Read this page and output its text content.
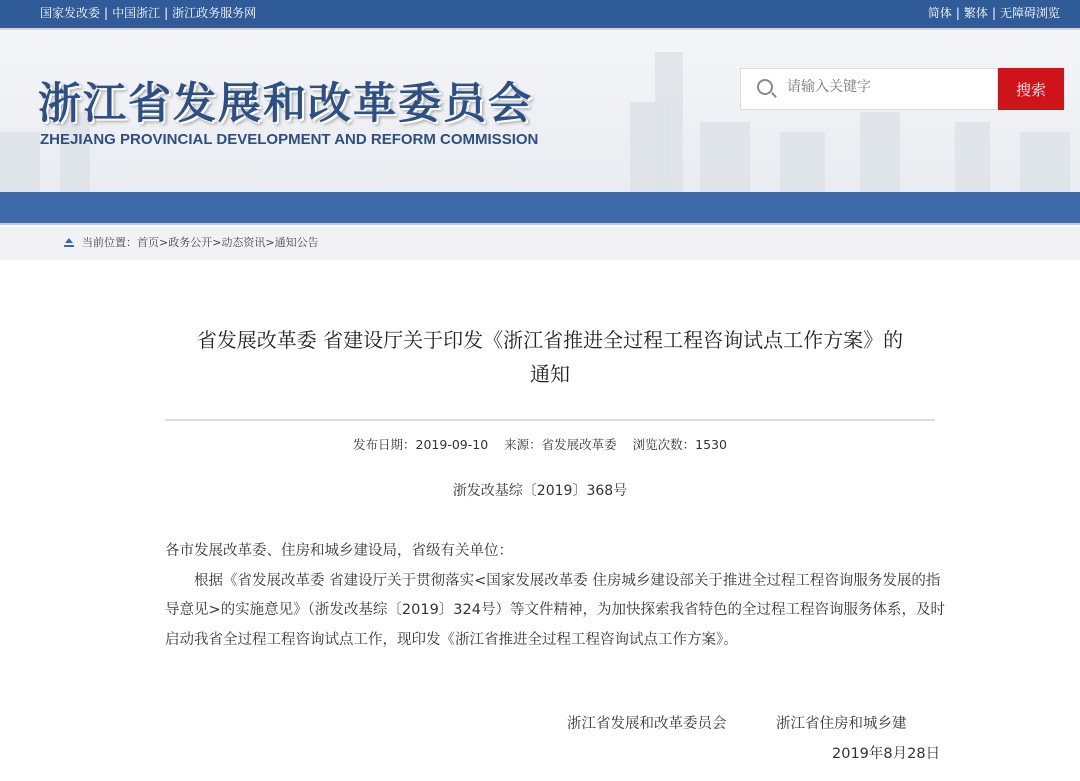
国家发改委 | 中国浙江 | 浙江政务服务网	简体 | 繁体 | 无障碍浏览
浙江省发展和改革委员会
ZHEJIANG PROVINCIAL DEVELOPMENT AND REFORM COMMISSION
请输入关键字
搜索
当前位置：首页>政务公开>动态资讯>通知公告
省发展改革委 省建设厅关于印发《浙江省推进全过程工程咨询试点工作方案》的
通知
发布日期：2019-09-10 来源：省发展改革委 浏览次数：1530
浙发改基综〔2019〕368号

各市发展改革委、住房和城乡建设局，省级有关单位：

根据《省发展改革委 省建设厅关于贯彻落实<国家发展改革委 住房城乡建设部关于推进全过程工程咨询服务发展的指导意见>的实施意见》（浙发改基综〔2019〕324号）等文件精神，为加快探索我省特色的全过程工程咨询服务体系，及时启动我省全过程工程咨询试点工作，现印发《浙江省推进全过程工程咨询试点工作方案》。

浙江省发展和改革委员会	浙江省住房和城乡建
2019年8月28日
